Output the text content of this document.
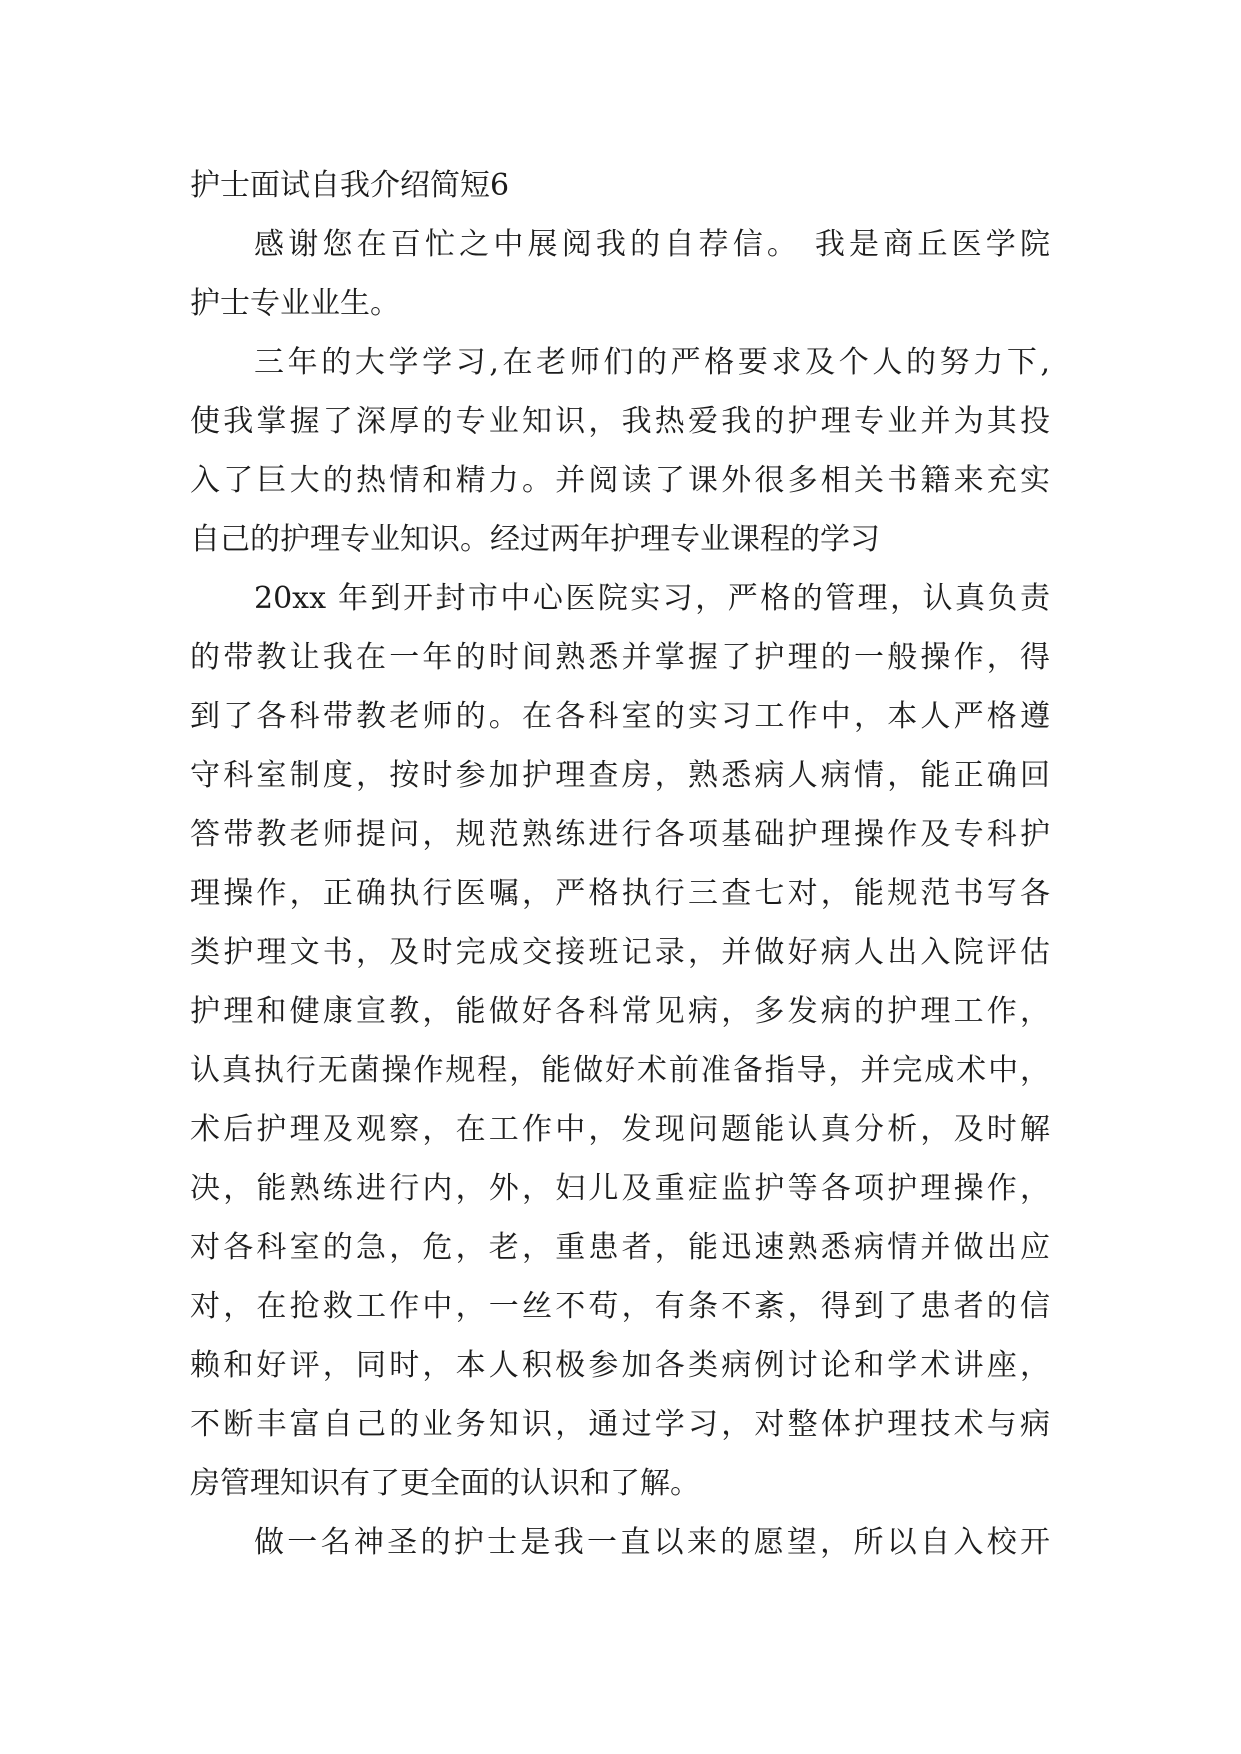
护士面试自我介绍简短6

感谢您在百忙之中展阅我的自荐信。 我是商丘医学院

护士专业业生。

三年的大学学习,在老师们的严格要求及个人的努力下,

使我掌握了深厚的专业知识，我热爱我的护理专业并为其投

入了巨大的热情和精力。并阅读了课外很多相关书籍来充实

自己的护理专业知识。经过两年护理专业课程的学习

20xx 年到开封市中心医院实习，严格的管理，认真负责

的带教让我在一年的时间熟悉并掌握了护理的一般操作，得

到了各科带教老师的。在各科室的实习工作中，本人严格遵

守科室制度，按时参加护理查房，熟悉病人病情，能正确回

答带教老师提问，规范熟练进行各项基础护理操作及专科护

理操作，正确执行医嘱，严格执行三查七对，能规范书写各

类护理文书，及时完成交接班记录，并做好病人出入院评估

护理和健康宣教，能做好各科常见病，多发病的护理工作，

认真执行无菌操作规程，能做好术前准备指导，并完成术中，

术后护理及观察，在工作中，发现问题能认真分析，及时解

决，能熟练进行内，外，妇儿及重症监护等各项护理操作，

对各科室的急，危，老，重患者，能迅速熟悉病情并做出应

对，在抢救工作中，一丝不苟，有条不紊，得到了患者的信

赖和好评，同时，本人积极参加各类病例讨论和学术讲座，

不断丰富自己的业务知识，通过学习，对整体护理技术与病

房管理知识有了更全面的认识和了解。

做一名神圣的护士是我一直以来的愿望，所以自入校开
